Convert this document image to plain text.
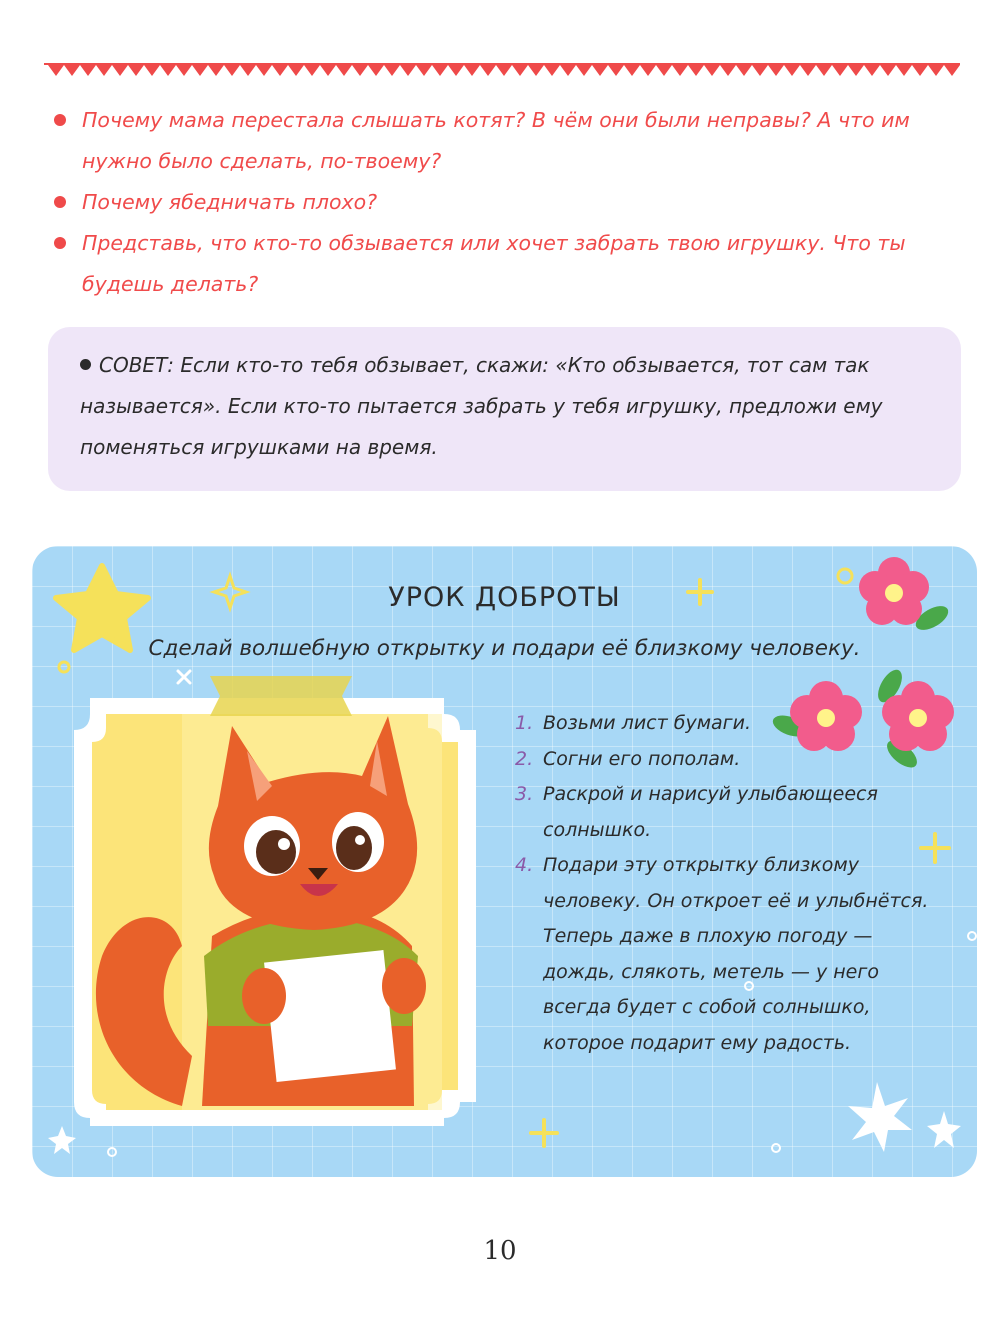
Почему мама перестала слышать котят? В чём они были неправы? А что им нужно было сделать, по-твоему?
Почему ябедничать плохо?
Представь, что кто-то обзывается или хочет забрать твою игрушку. Что ты будешь делать?

СОВЕТ: Если кто-то тебя обзывает, скажи: «Кто обзывается, тот сам так называется». Если кто-то пытается забрать у тебя игрушку, предложи ему поменяться игрушками на время.

УРОК ДОБРОТЫ
Сделай волшебную открытку и подари её близкому человеку.
1. Возьми лист бумаги.
2. Согни его пополам.
3. Раскрой и нарисуй улыбающееся солнышко.
4. Подари эту открытку близкому человеку. Он откроет её и улыбнётся. Теперь даже в плохую погоду — дождь, слякоть, метель — у него всегда будет с собой солнышко, которое подарит ему радость.
10
